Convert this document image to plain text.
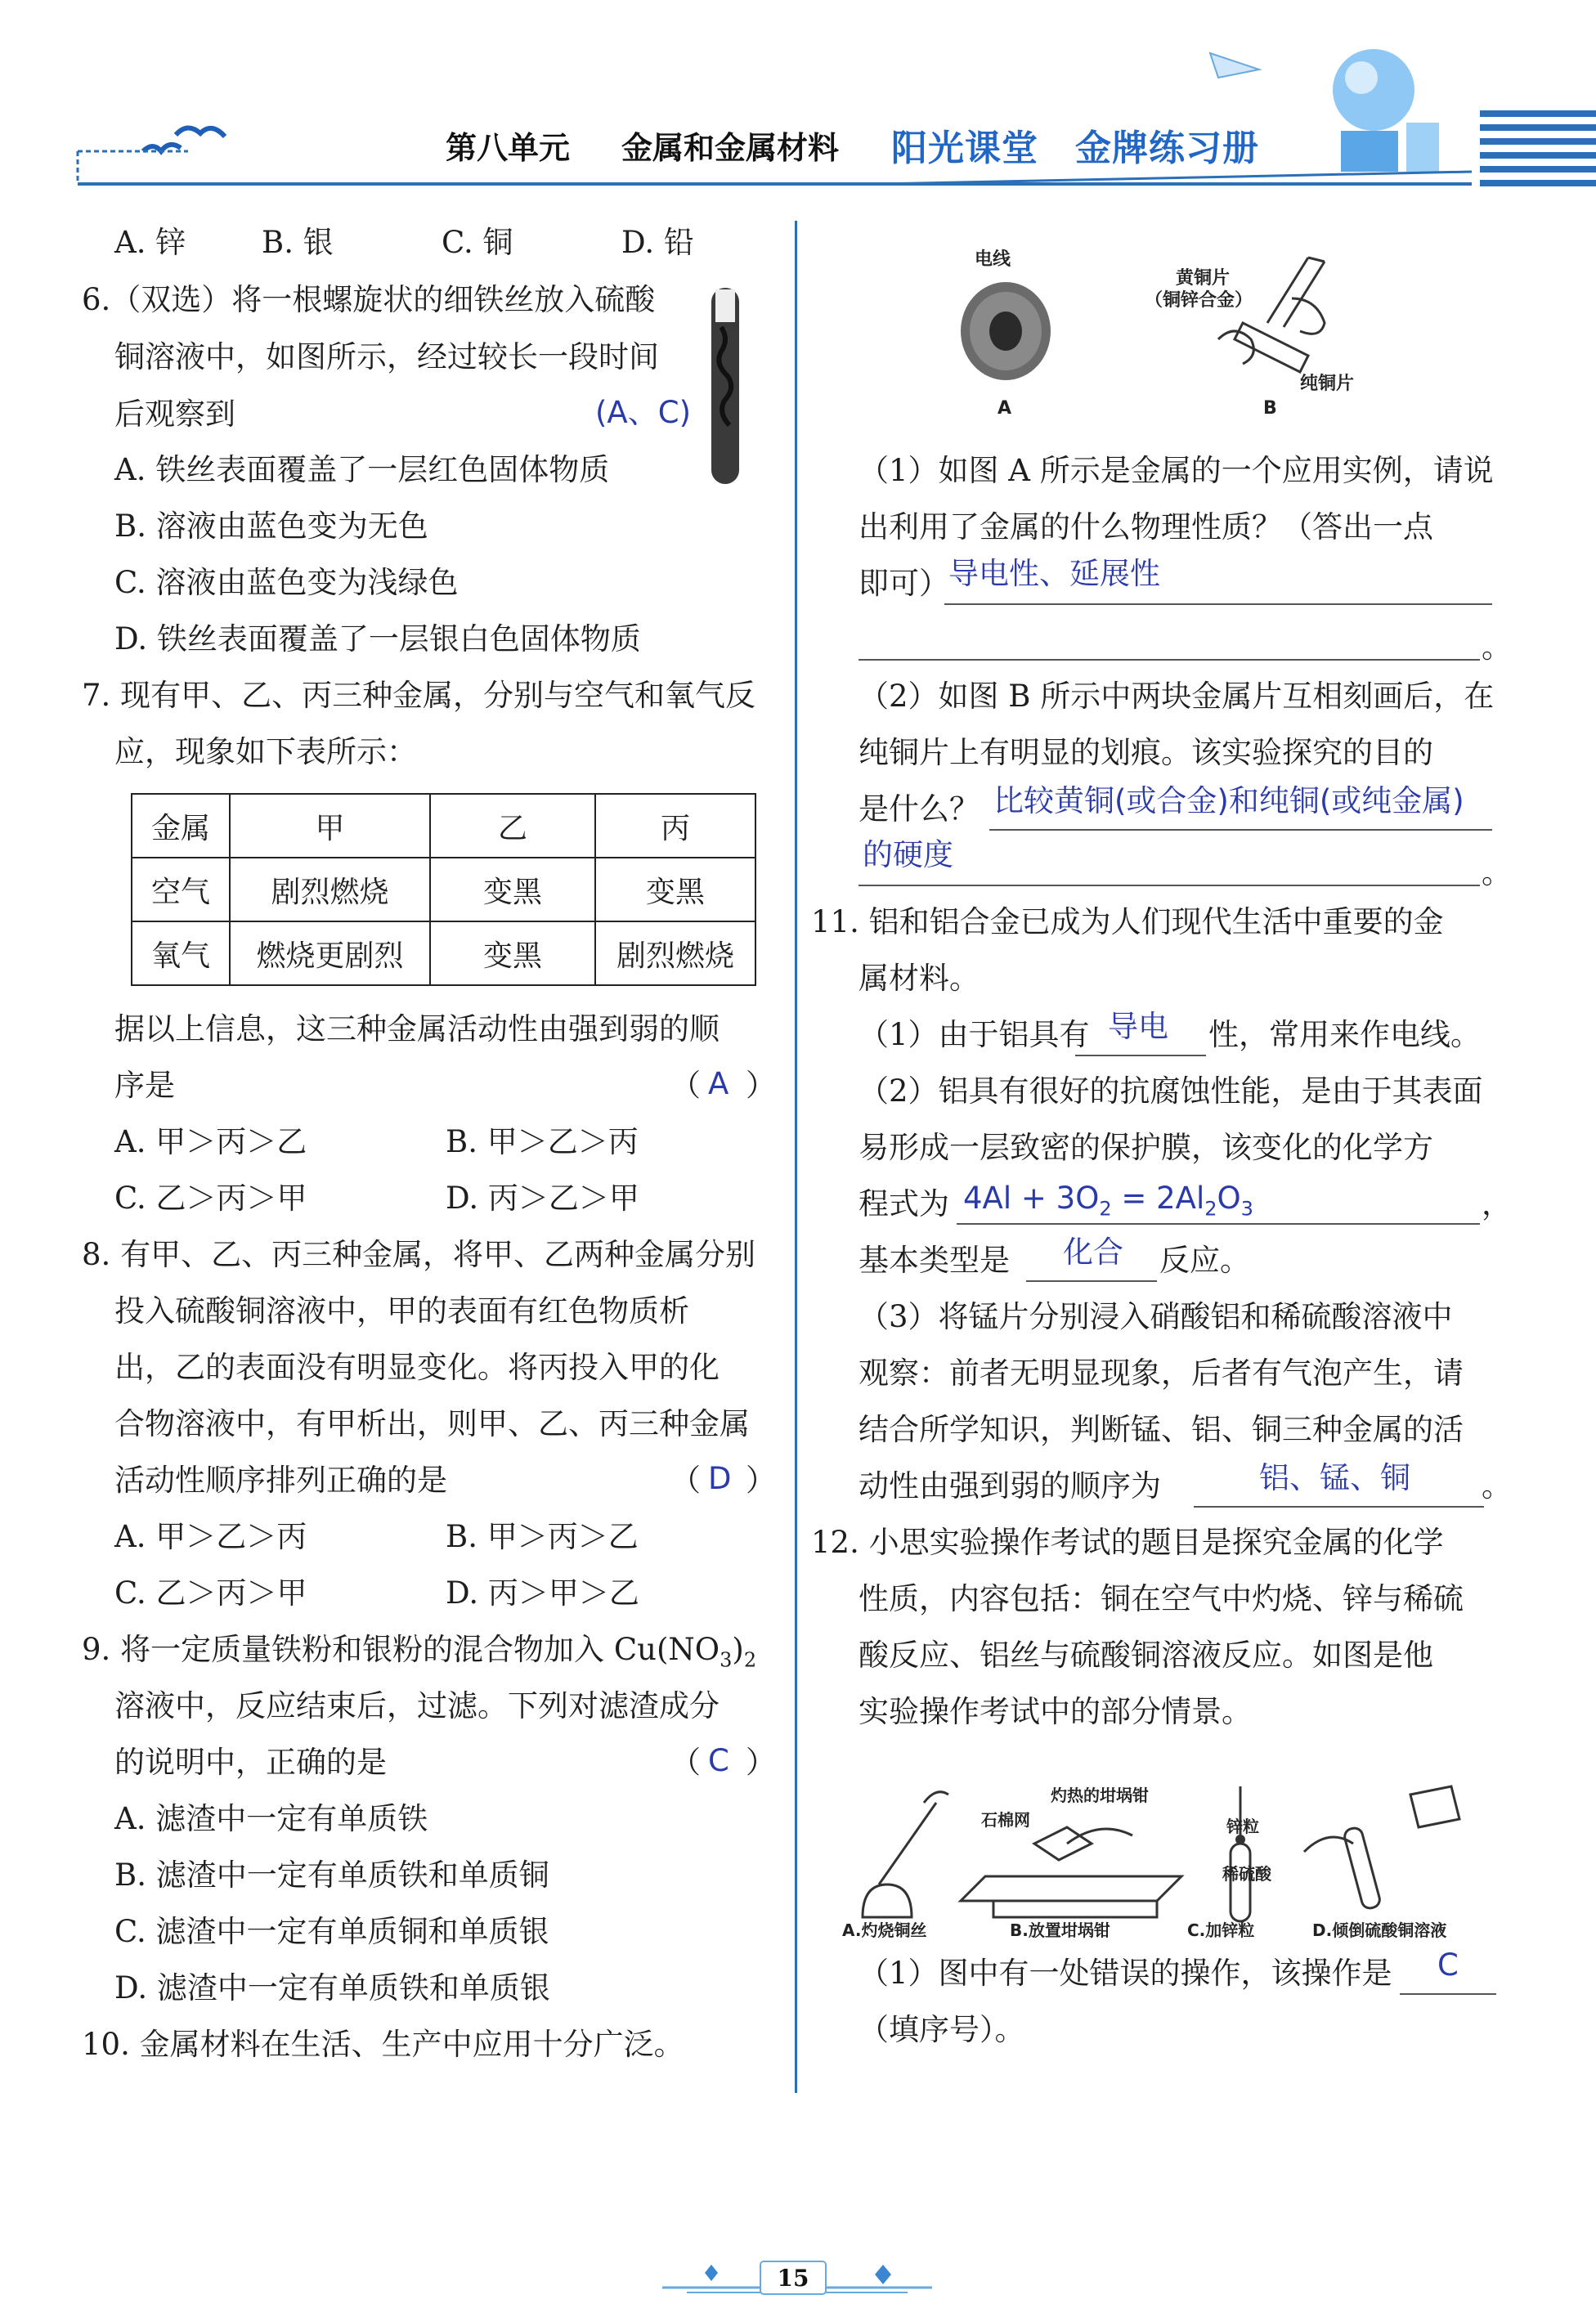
第八单元 金属和金属材料 阳光课堂　金牌练习册
A. 锌	B. 银	C. 铜	D. 铅
6.（双选）将一根螺旋状的细铁丝放入硫酸
铜溶液中，如图所示，经过较长一段时间
后观察到	(A、C)
A. 铁丝表面覆盖了一层红色固体物质
B. 溶液由蓝色变为无色
C. 溶液由蓝色变为浅绿色
D. 铁丝表面覆盖了一层银白色固体物质
7. 现有甲、乙、丙三种金属，分别与空气和氧气反
应，现象如下表所示：
金属	甲	乙	丙
空气	剧烈燃烧	变黑	变黑
氧气	燃烧更剧烈	变黑	剧烈燃烧
据以上信息，这三种金属活动性由强到弱的顺
序是	（ A ）
A. 甲＞丙＞乙	B. 甲＞乙＞丙
C. 乙＞丙＞甲	D. 丙＞乙＞甲
8. 有甲、乙、丙三种金属，将甲、乙两种金属分别
投入硫酸铜溶液中，甲的表面有红色物质析
出，乙的表面没有明显变化。将丙投入甲的化
合物溶液中，有甲析出，则甲、乙、丙三种金属
活动性顺序排列正确的是	（ D ）
A. 甲＞乙＞丙	B. 甲＞丙＞乙
C. 乙＞丙＞甲	D. 丙＞甲＞乙
9. 将一定质量铁粉和银粉的混合物加入 $Cu(NO_3)_2$
溶液中，反应结束后，过滤。下列对滤渣成分
的说明中，正确的是	（ C ）
A. 滤渣中一定有单质铁
B. 滤渣中一定有单质铁和单质铜
C. 滤渣中一定有单质铜和单质银
D. 滤渣中一定有单质铁和单质银
10. 金属材料在生活、生产中应用十分广泛。
电线
A
黄铜片
（铜锌合金）
纯铜片
B
（1）如图 A 所示是金属的一个应用实例，请说
出利用了金属的什么物理性质？（答出一点
即可） 导电性、延展性
。
（2）如图 B 所示中两块金属片互相刻画后，在
纯铜片上有明显的划痕。该实验探究的目的
是什么？ 比较黄铜(或合金)和纯铜(或纯金属)
的硬度
。
11. 铝和铝合金已成为人们现代生活中重要的金
属材料。
（1）由于铝具有 导电 性，常用来作电线。
（2）铝具有很好的抗腐蚀性能，是由于其表面
易形成一层致密的保护膜，该变化的化学方
程式为 $4Al + 3O_2 = 2Al_2O_3$	，
基本类型是 化合 反应。
（3）将锰片分别浸入硝酸铝和稀硫酸溶液中
观察：前者无明显现象，后者有气泡产生，请
结合所学知识，判断锰、铝、铜三种金属的活
动性由强到弱的顺序为	铝、锰、铜 。
12. 小思实验操作考试的题目是探究金属的化学
性质，内容包括：铜在空气中灼烧、锌与稀硫
酸反应、铝丝与硫酸铜溶液反应。如图是他
实验操作考试中的部分情景。
灼热的坩埚钳
石棉网	锌粒
稀硫酸
A.灼烧铜丝	B.放置坩埚钳	C.加锌粒	D.倾倒硫酸铜溶液
（1）图中有一处错误的操作，该操作是 C
（填序号）。
15
